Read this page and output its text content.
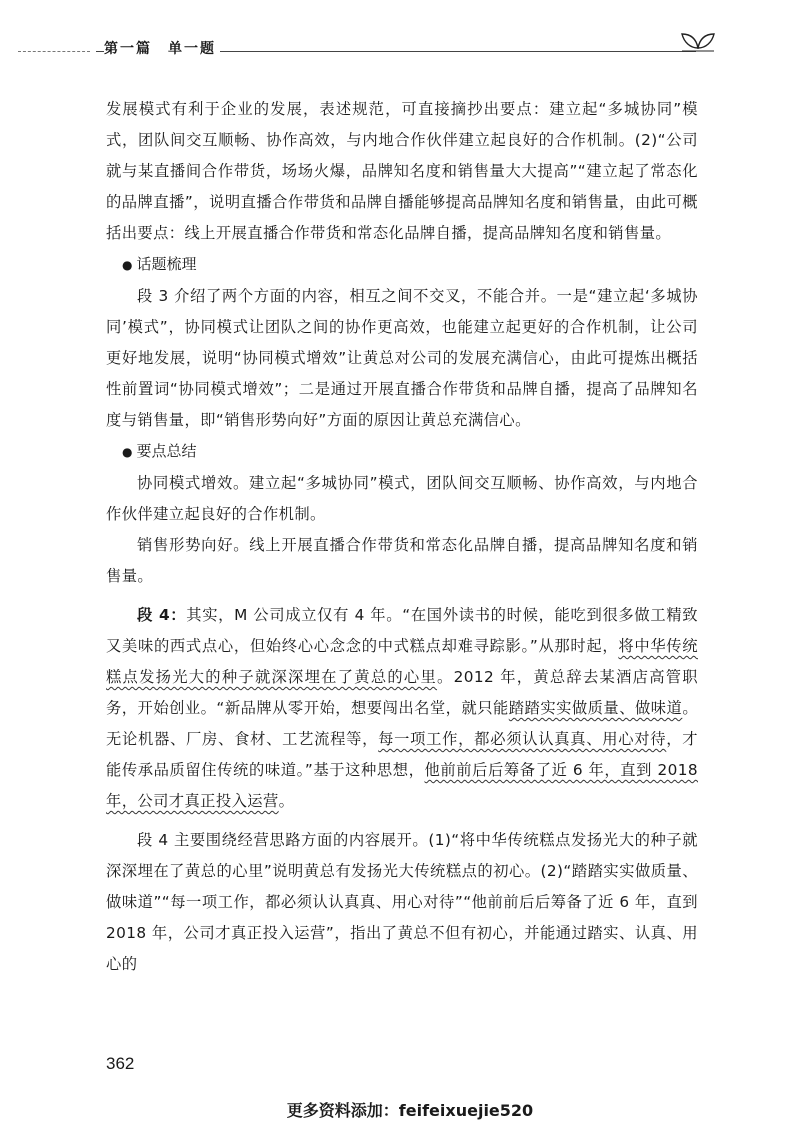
第一篇　单一题

发展模式有利于企业的发展，表述规范，可直接摘抄出要点：建立起“多城协同”模式，团队间交互顺畅、协作高效，与内地合作伙伴建立起良好的合作机制。(2)“公司就与某直播间合作带货，场场火爆，品牌知名度和销售量大大提高”“建立起了常态化的品牌直播”，说明直播合作带货和品牌自播能够提高品牌知名度和销售量，由此可概括出要点：线上开展直播合作带货和常态化品牌自播，提高品牌知名度和销售量。

● 话题梳理

段 3 介绍了两个方面的内容，相互之间不交叉，不能合并。一是“建立起‘多城协同’模式”，协同模式让团队之间的协作更高效，也能建立起更好的合作机制，让公司更好地发展，说明“协同模式增效”让黄总对公司的发展充满信心，由此可提炼出概括性前置词“协同模式增效”；二是通过开展直播合作带货和品牌自播，提高了品牌知名度与销售量，即“销售形势向好”方面的原因让黄总充满信心。

● 要点总结

协同模式增效。建立起“多城协同”模式，团队间交互顺畅、协作高效，与内地合作伙伴建立起良好的合作机制。

销售形势向好。线上开展直播合作带货和常态化品牌自播，提高品牌知名度和销售量。

段 4：其实，M 公司成立仅有 4 年。“在国外读书的时候，能吃到很多做工精致又美味的西式点心，但始终心心念念的中式糕点却难寻踪影。”从那时起，将中华传统糕点发扬光大的种子就深深埋在了黄总的心里。2012 年，黄总辞去某酒店高管职务，开始创业。“新品牌从零开始，想要闯出名堂，就只能踏踏实实做质量、做味道。无论机器、厂房、食材、工艺流程等，每一项工作，都必须认认真真、用心对待，才能传承品质留住传统的味道。”基于这种思想，他前前后后筹备了近 6 年，直到 2018 年，公司才真正投入运营。

段 4 主要围绕经营思路方面的内容展开。(1)“将中华传统糕点发扬光大的种子就深深埋在了黄总的心里”说明黄总有发扬光大传统糕点的初心。(2)“踏踏实实做质量、做味道”“每一项工作，都必须认认真真、用心对待”“他前前后后筹备了近 6 年，直到 2018 年，公司才真正投入运营”，指出了黄总不但有初心，并能通过踏实、认真、用心的

362
更多资料添加：feifeixuejie520
